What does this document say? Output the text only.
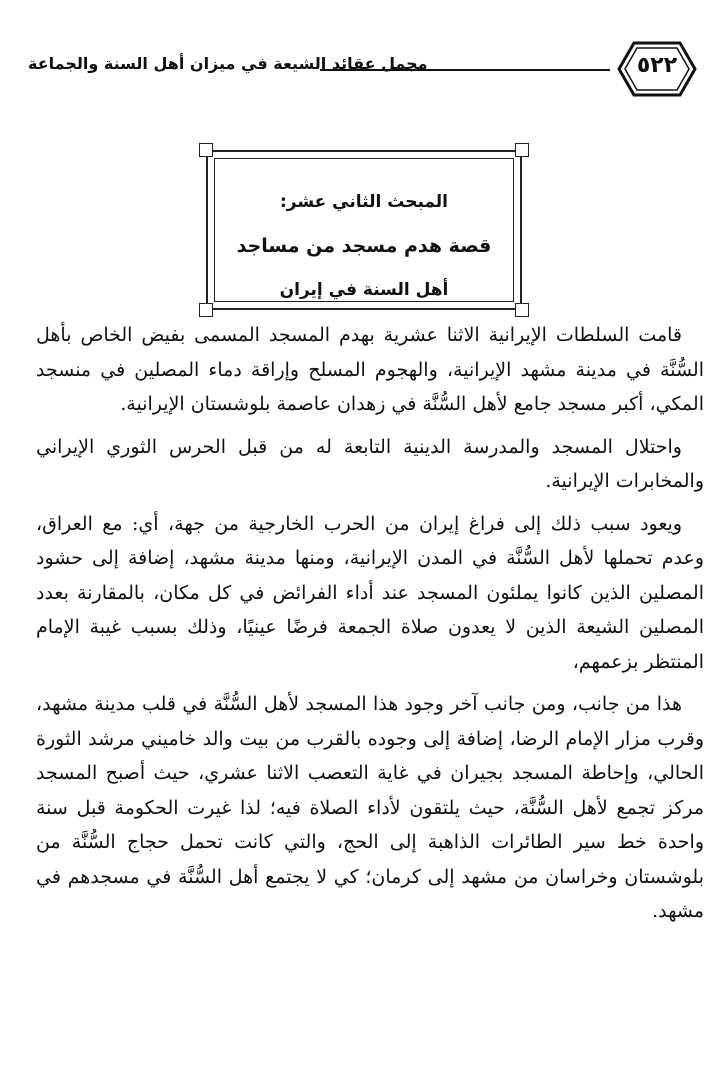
٥٢٢
مجمل عقائد الشيعة في ميزان أهل السنة والجماعة
المبحث الثاني عشر:
قصة هدم مسجد من مساجد
أهل السنة في إيران

قامت السلطات الإيرانية الاثنا عشرية بهدم المسجد المسمى بفيض الخاص بأهل السُّنَّة في مدينة مشهد الإيرانية، والهجوم المسلح وإراقة دماء المصلين في منسجد المكي، أكبر مسجد جامع لأهل السُّنَّة في زهدان عاصمة بلوشستان الإيرانية.

واحتلال المسجد والمدرسة الدينية التابعة له من قبل الحرس الثوري الإيراني والمخابرات الإيرانية.

ويعود سبب ذلك إلى فراغ إيران من الحرب الخارجية من جهة، أي: مع العراق، وعدم تحملها لأهل السُّنَّة في المدن الإيرانية، ومنها مدينة مشهد، إضافة إلى حشود المصلين الذين كانوا يملئون المسجد عند أداء الفرائض في كل مكان، بالمقارنة بعدد المصلين الشيعة الذين لا يعدون صلاة الجمعة فرضًا عينيًا، وذلك بسبب غيبة الإمام المنتظر بزعمهم،

هذا من جانب، ومن جانب آخر وجود هذا المسجد لأهل السُّنَّة في قلب مدينة مشهد، وقرب مزار الإمام الرضا، إضافة إلى وجوده بالقرب من بيت والد خاميني مرشد الثورة الحالي، وإحاطة المسجد بجيران في غاية التعصب الاثنا عشري، حيث أصبح المسجد مركز تجمع لأهل السُّنَّة، حيث يلتقون لأداء الصلاة فيه؛ لذا غيرت الحكومة قبل سنة واحدة خط سير الطائرات الذاهبة إلى الحج، والتي كانت تحمل حجاج السُّنَّة من بلوشستان وخراسان من مشهد إلى كرمان؛ كي لا يجتمع أهل السُّنَّة في مسجدهم في مشهد.
